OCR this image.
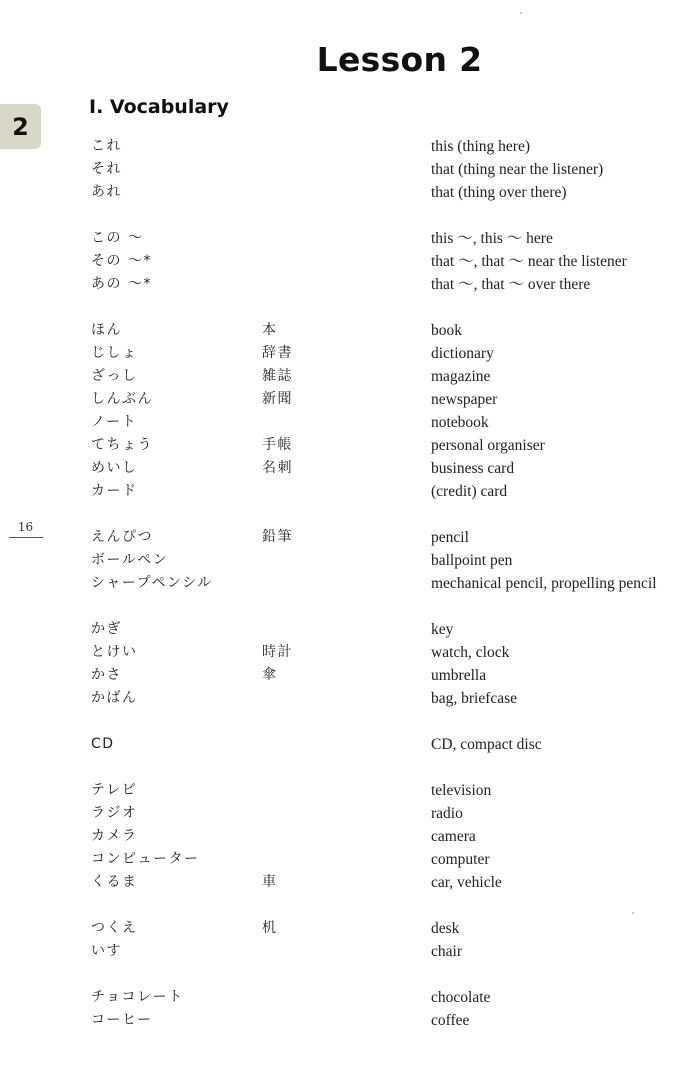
Lesson 2
2
I. Vocabulary
16
これ	this (thing here)
それ	that (thing near the listener)
あれ	that (thing over there)
この ～	this ～, this ～ here
その ～*	that ～, that ～ near the listener
あの ～*	that ～, that ～ over there
ほん	本	book
じしょ	辞書	dictionary
ざっし	雑誌	magazine
しんぶん	新聞	newspaper
ノート	notebook
てちょう	手帳	personal organiser
めいし	名刺	business card
カード	(credit) card
えんぴつ	鉛筆	pencil
ボールペン	ballpoint pen
シャープペンシル	mechanical pencil, propelling pencil
かぎ	key
とけい	時計	watch, clock
かさ	傘	umbrella
かばん	bag, briefcase
CD	CD, compact disc
テレビ	television
ラジオ	radio
カメラ	camera
コンピューター	computer
くるま	車	car, vehicle
つくえ	机	desk
いす	chair
チョコレート	chocolate
コーヒー	coffee
